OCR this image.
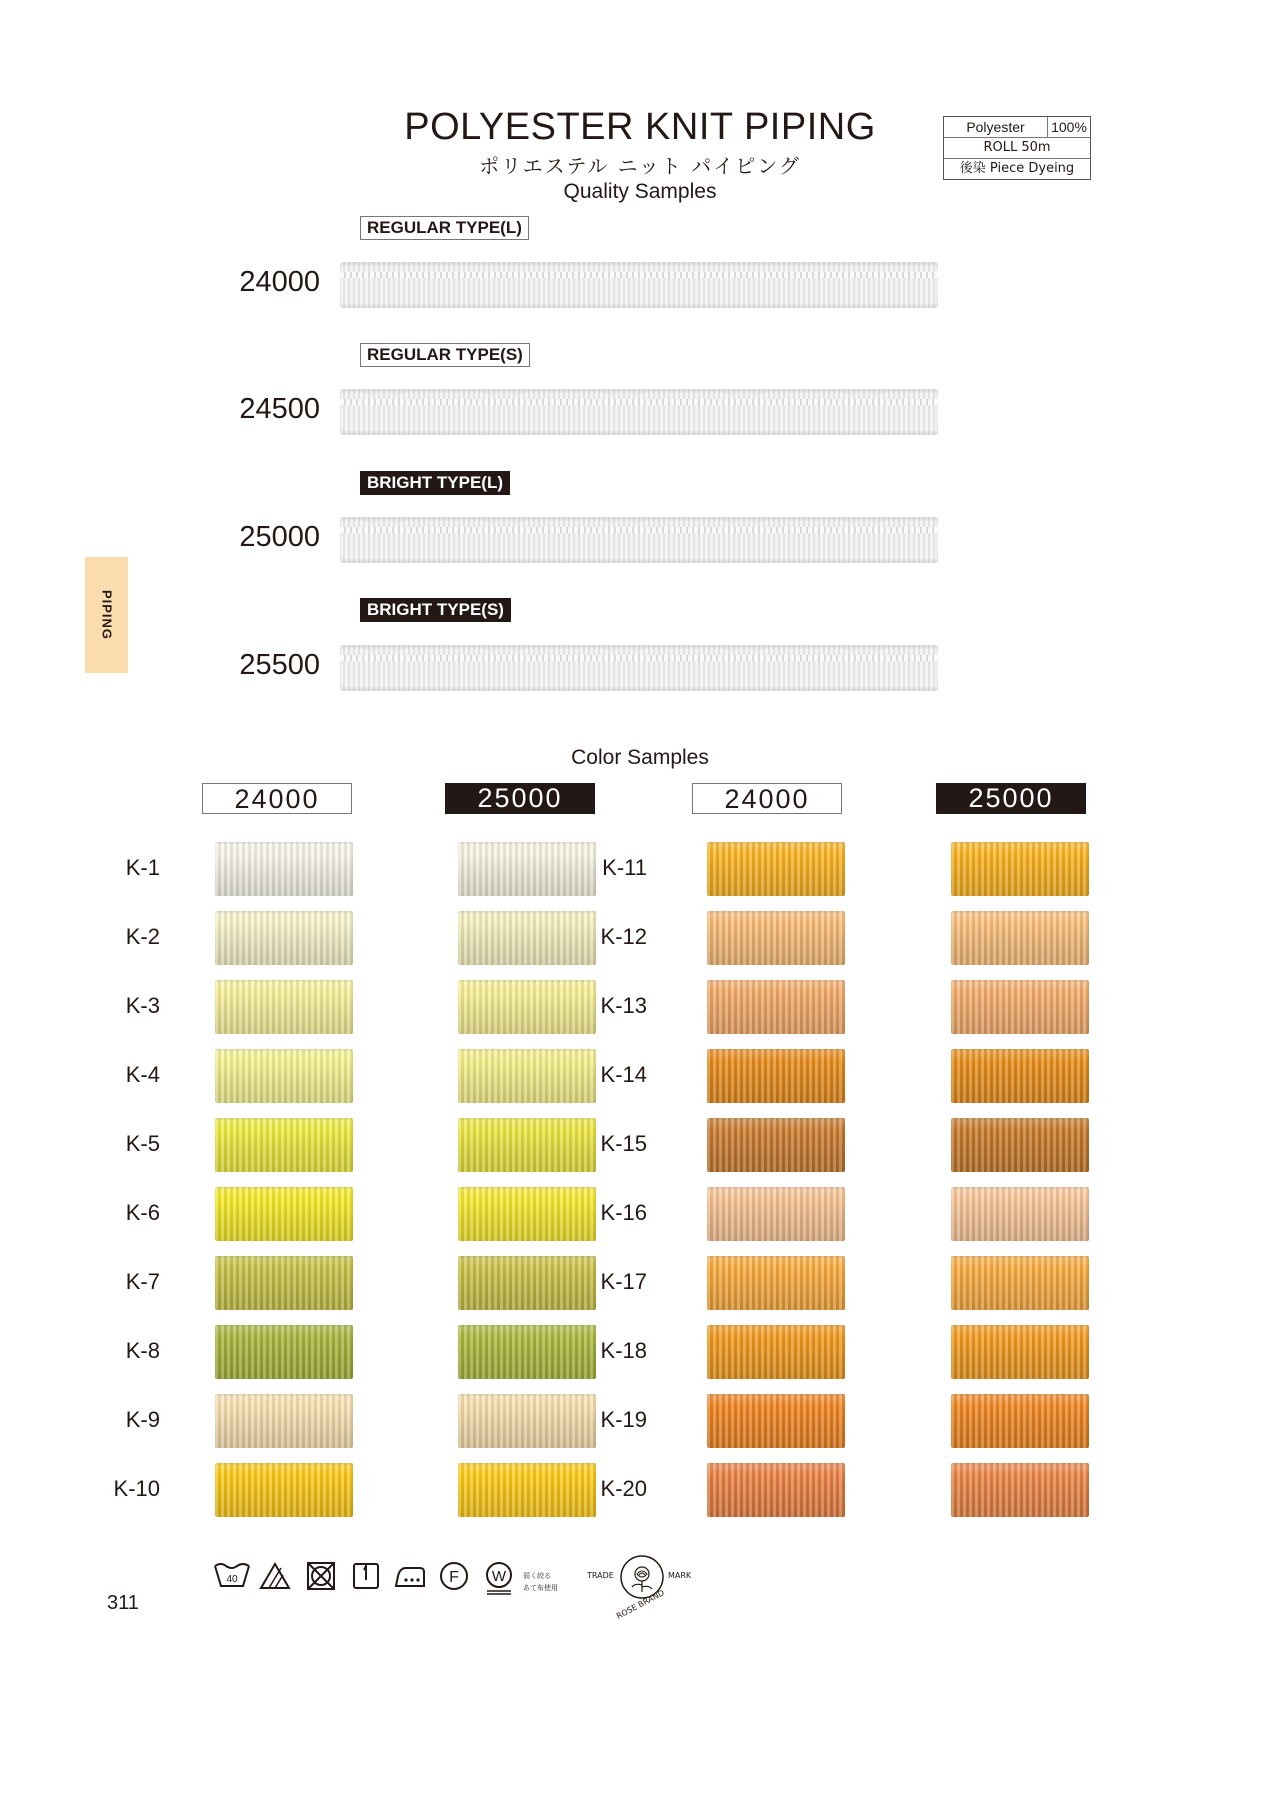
POLYESTER KNIT PIPING
ポリエステル ニット パイピング
Quality Samples
Polyester	100%
ROLL 50m
後染 Piece Dyeing
PIPING
REGULAR TYPE(L)
24000
REGULAR TYPE(S)
24500
BRIGHT TYPE(L)
25000
BRIGHT TYPE(S)
25500
Color Samples
24000	25000	24000	25000
K-1
K-2
K-3
K-4
K-5
K-6
K-7
K-8
K-9
K-10
K-11
K-12
K-13
K-14
K-15
K-16
K-17
K-18
K-19
K-20
40	F W 弱く絞る
あて布使用
TRADE	MARK
ROSE BRAND
311
